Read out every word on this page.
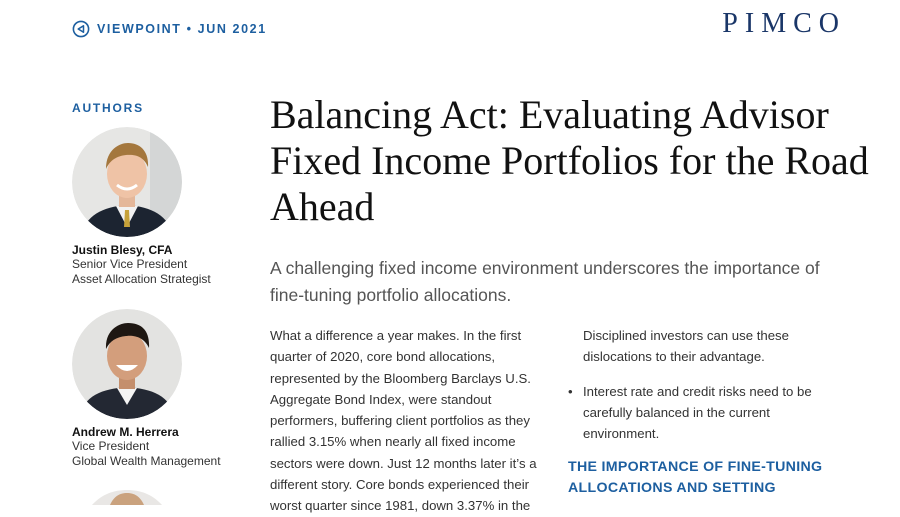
VIEWPOINT • JUN 2021	PIMCO
AUTHORS
Justin Blesy, CFA
Senior Vice President
Asset Allocation Strategist
Andrew M. Herrera
Vice President
Global Wealth Management
Balancing Act: Evaluating Advisor Fixed Income Portfolios for the Road Ahead

A challenging fixed income environment underscores the importance of fine-tuning portfolio allocations.

What a difference a year makes. In the first quarter of 2020, core bond allocations, represented by the Bloomberg Barclays U.S. Aggregate Bond Index, were standout performers, buffering client portfolios as they rallied 3.15% when nearly all fixed income sectors were down. Just 12 months later it’s a different story. Core bonds experienced their worst quarter since 1981, down 3.37% in the

Disciplined investors can use these dislocations to their advantage.

• Interest rate and credit risks need to be carefully balanced in the current environment.
THE IMPORTANCE OF FINE-TUNING ALLOCATIONS AND SETTING
